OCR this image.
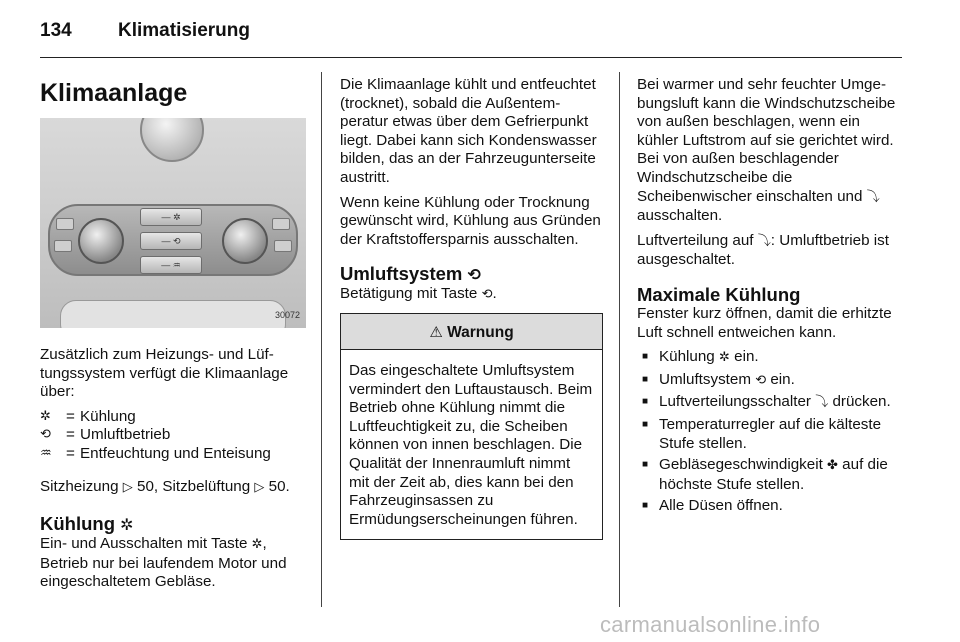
134 Klimatisierung
Klimaanlage
— ✲
— ⟲
— ♒
30072

Zusätzlich zum Heizungs- und Lüftungssystem verfügt die Klimaanlage über:

✲ = Kühlung
⟲ = Umluftbetrieb
♒ = Entfeuchtung und Enteisung

Sitzheizung ▷ 50, Sitzbelüftung ▷ 50.

Kühlung ✲

Ein- und Ausschalten mit Taste ✲,

Betrieb nur bei laufendem Motor und eingeschaltetem Gebläse.

Die Klimaanlage kühlt und entfeuchtet (trocknet), sobald die Außentemperatur etwas über dem Gefrierpunkt liegt. Dabei kann sich Kondenswasser bilden, das an der Fahrzeugunterseite austritt.

Wenn keine Kühlung oder Trocknung gewünscht wird, Kühlung aus Gründen der Kraftstoffersparnis ausschalten.

Umluftsystem ⟲

Betätigung mit Taste ⟲.

⚠ Warnung
Das eingeschaltete Umluftsystem vermindert den Luftaustausch. Beim Betrieb ohne Kühlung nimmt die Luftfeuchtigkeit zu, die Scheiben können von innen beschlagen. Die Qualität der Innenraumluft nimmt mit der Zeit ab, dies kann bei den Fahrzeuginsassen zu Ermüdungserscheinungen führen.

Bei warmer und sehr feuchter Umgebungsluft kann die Windschutzscheibe von außen beschlagen, wenn ein kühler Luftstrom auf sie gerichtet wird. Bei von außen beschlagender Windschutzscheibe die Scheibenwischer einschalten und ⤵ ausschalten.

Luftverteilung auf ⤵: Umluftbetrieb ist ausgeschaltet.

Maximale Kühlung

Fenster kurz öffnen, damit die erhitzte Luft schnell entweichen kann.

■ Kühlung ✲ ein.
■ Umluftsystem ⟲ ein.
■ Luftverteilungsschalter ⤵ drücken.
■ Temperaturregler auf die kälteste Stufe stellen.
■ Gebläsegeschwindigkeit ✤ auf die höchste Stufe stellen.
■ Alle Düsen öffnen.
carmanualsonline.info
